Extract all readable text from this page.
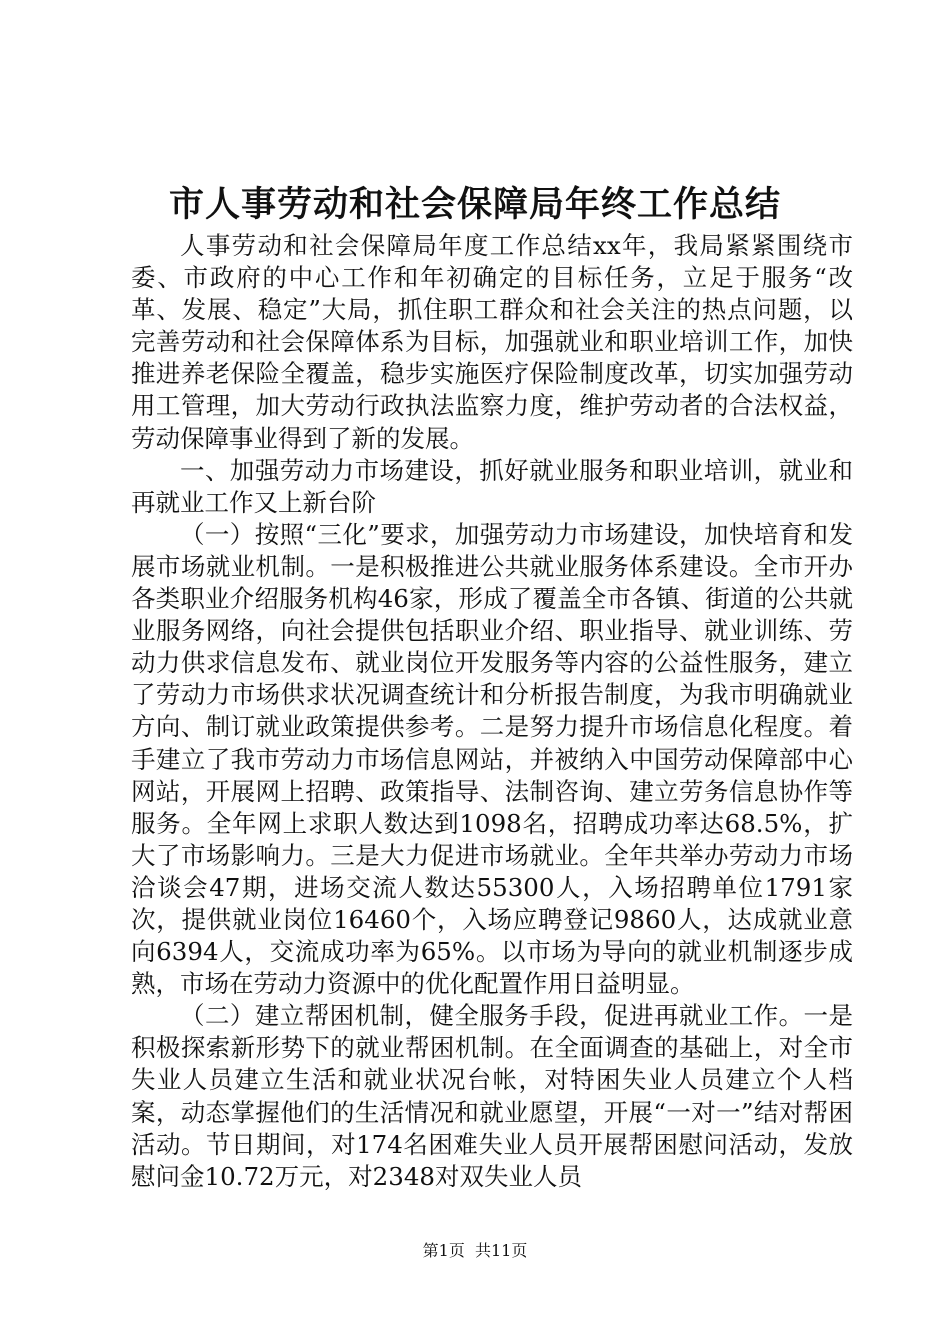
市人事劳动和社会保障局年终工作总结

人事劳动和社会保障局年度工作总结xx年，我局紧紧围绕市委、市政府的中心工作和年初确定的目标任务，立足于服务“改革、发展、稳定”大局，抓住职工群众和社会关注的热点问题，以完善劳动和社会保障体系为目标，加强就业和职业培训工作，加快推进养老保险全覆盖，稳步实施医疗保险制度改革，切实加强劳动用工管理，加大劳动行政执法监察力度，维护劳动者的合法权益，劳动保障事业得到了新的发展。

一、加强劳动力市场建设，抓好就业服务和职业培训，就业和再就业工作又上新台阶

（一）按照“三化”要求，加强劳动力市场建设，加快培育和发展市场就业机制。一是积极推进公共就业服务体系建设。全市开办各类职业介绍服务机构46家，形成了覆盖全市各镇、街道的公共就业服务网络，向社会提供包括职业介绍、职业指导、就业训练、劳动力供求信息发布、就业岗位开发服务等内容的公益性服务，建立了劳动力市场供求状况调查统计和分析报告制度，为我市明确就业方向、制订就业政策提供参考。二是努力提升市场信息化程度。着手建立了我市劳动力市场信息网站，并被纳入中国劳动保障部中心网站，开展网上招聘、政策指导、法制咨询、建立劳务信息协作等服务。全年网上求职人数达到1098名，招聘成功率达68.5%，扩大了市场影响力。三是大力促进市场就业。全年共举办劳动力市场洽谈会47期，进场交流人数达55300人，入场招聘单位1791家次，提供就业岗位16460个，入场应聘登记9860人，达成就业意向6394人，交流成功率为65%。以市场为导向的就业机制逐步成熟，市场在劳动力资源中的优化配置作用日益明显。

（二）建立帮困机制，健全服务手段，促进再就业工作。一是积极探索新形势下的就业帮困机制。在全面调查的基础上，对全市失业人员建立生活和就业状况台帐，对特困失业人员建立个人档案，动态掌握他们的生活情况和就业愿望，开展“一对一”结对帮困活动。节日期间，对174名困难失业人员开展帮困慰问活动，发放慰问金10.72万元，对2348对双失业人员

第1页  共11页
